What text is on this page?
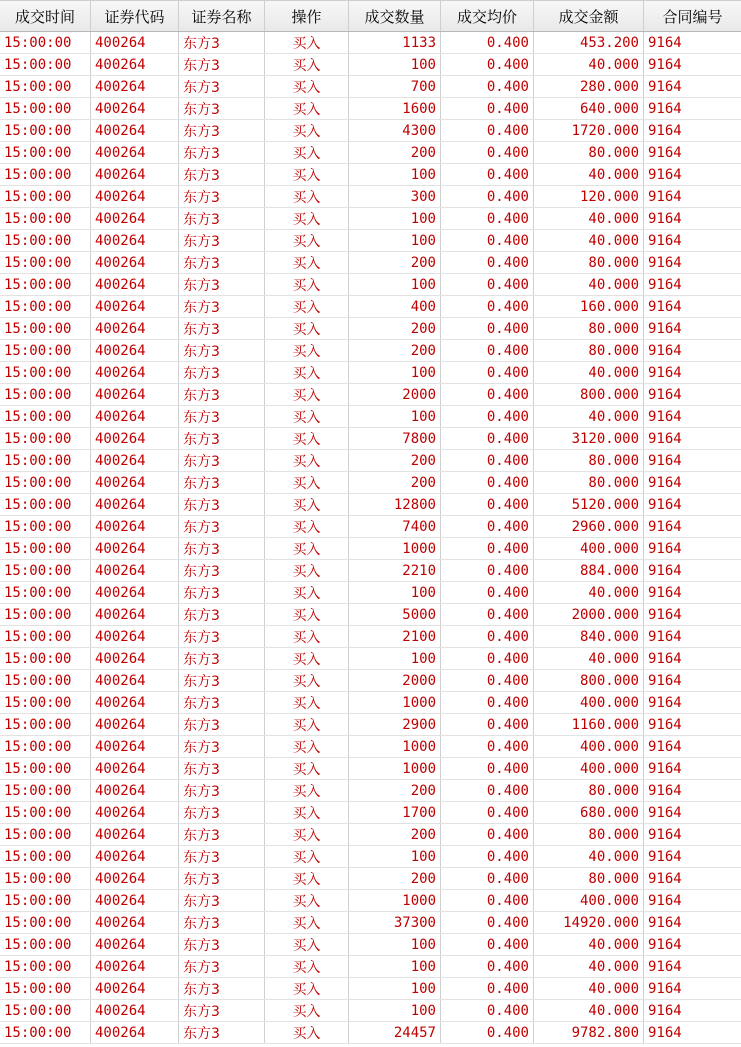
成交时间	证券代码	证券名称	操作	成交数量	成交均价	成交金额	合同编号
15:00:00	400264	东方3	买入	1133	0.400	453.200 9164
15:00:00	400264	东方3	买入	100	0.400	40.000 9164
15:00:00	400264	东方3	买入	700	0.400	280.000 9164
15:00:00	400264	东方3	买入	1600	0.400	640.000 9164
15:00:00	400264	东方3	买入	4300	0.400	1720.000 9164
15:00:00	400264	东方3	买入	200	0.400	80.000 9164
15:00:00	400264	东方3	买入	100	0.400	40.000 9164
15:00:00	400264	东方3	买入	300	0.400	120.000 9164
15:00:00	400264	东方3	买入	100	0.400	40.000 9164
15:00:00	400264	东方3	买入	100	0.400	40.000 9164
15:00:00	400264	东方3	买入	200	0.400	80.000 9164
15:00:00	400264	东方3	买入	100	0.400	40.000 9164
15:00:00	400264	东方3	买入	400	0.400	160.000 9164
15:00:00	400264	东方3	买入	200	0.400	80.000 9164
15:00:00	400264	东方3	买入	200	0.400	80.000 9164
15:00:00	400264	东方3	买入	100	0.400	40.000 9164
15:00:00	400264	东方3	买入	2000	0.400	800.000 9164
15:00:00	400264	东方3	买入	100	0.400	40.000 9164
15:00:00	400264	东方3	买入	7800	0.400	3120.000 9164
15:00:00	400264	东方3	买入	200	0.400	80.000 9164
15:00:00	400264	东方3	买入	200	0.400	80.000 9164
15:00:00	400264	东方3	买入	12800	0.400	5120.000 9164
15:00:00	400264	东方3	买入	7400	0.400	2960.000 9164
15:00:00	400264	东方3	买入	1000	0.400	400.000 9164
15:00:00	400264	东方3	买入	2210	0.400	884.000 9164
15:00:00	400264	东方3	买入	100	0.400	40.000 9164
15:00:00	400264	东方3	买入	5000	0.400	2000.000 9164
15:00:00	400264	东方3	买入	2100	0.400	840.000 9164
15:00:00	400264	东方3	买入	100	0.400	40.000 9164
15:00:00	400264	东方3	买入	2000	0.400	800.000 9164
15:00:00	400264	东方3	买入	1000	0.400	400.000 9164
15:00:00	400264	东方3	买入	2900	0.400	1160.000 9164
15:00:00	400264	东方3	买入	1000	0.400	400.000 9164
15:00:00	400264	东方3	买入	1000	0.400	400.000 9164
15:00:00	400264	东方3	买入	200	0.400	80.000 9164
15:00:00	400264	东方3	买入	1700	0.400	680.000 9164
15:00:00	400264	东方3	买入	200	0.400	80.000 9164
15:00:00	400264	东方3	买入	100	0.400	40.000 9164
15:00:00	400264	东方3	买入	200	0.400	80.000 9164
15:00:00	400264	东方3	买入	1000	0.400	400.000 9164
15:00:00	400264	东方3	买入	37300	0.400	14920.000 9164
15:00:00	400264	东方3	买入	100	0.400	40.000 9164
15:00:00	400264	东方3	买入	100	0.400	40.000 9164
15:00:00	400264	东方3	买入	100	0.400	40.000 9164
15:00:00	400264	东方3	买入	100	0.400	40.000 9164
15:00:00	400264	东方3	买入	24457	0.400	9782.800 9164
